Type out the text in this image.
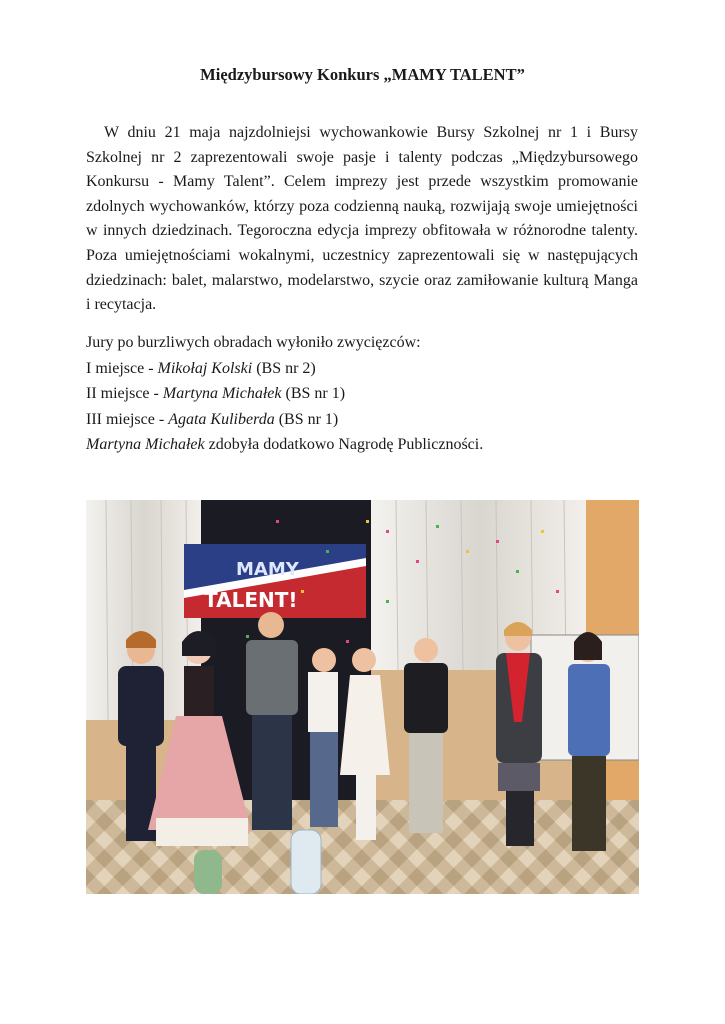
Międzybursowy Konkurs „MAMY TALENT”

W dniu 21 maja najzdolniejsi wychowankowie Bursy Szkolnej nr 1 i Bursy Szkolnej nr 2 zaprezentowali swoje pasje i talenty podczas „Międzybursowego Konkursu - Mamy Talent”. Celem imprezy jest przede wszystkim promowanie zdolnych wychowanków, którzy poza codzienną nauką, rozwijają swoje umiejętności w innych dziedzinach. Tegoroczna edycja imprezy obfitowała w różnorodne talenty. Poza umiejętnościami wokalnymi, uczestnicy zaprezentowali się w następujących dziedzinach: balet, malarstwo, modelarstwo, szycie oraz zamiłowanie kulturą Manga i recytacja.

Jury po burzliwych obradach wyłoniło zwycięzców:
I miejsce - Mikołaj Kolski (BS nr 2)
II miejsce - Martyna Michałek (BS nr 1)
III miejsce - Agata Kuliberda (BS nr 1)
Martyna Michałek zdobyła dodatkowo Nagrodę Publiczności.
MAMY
TALENT!
